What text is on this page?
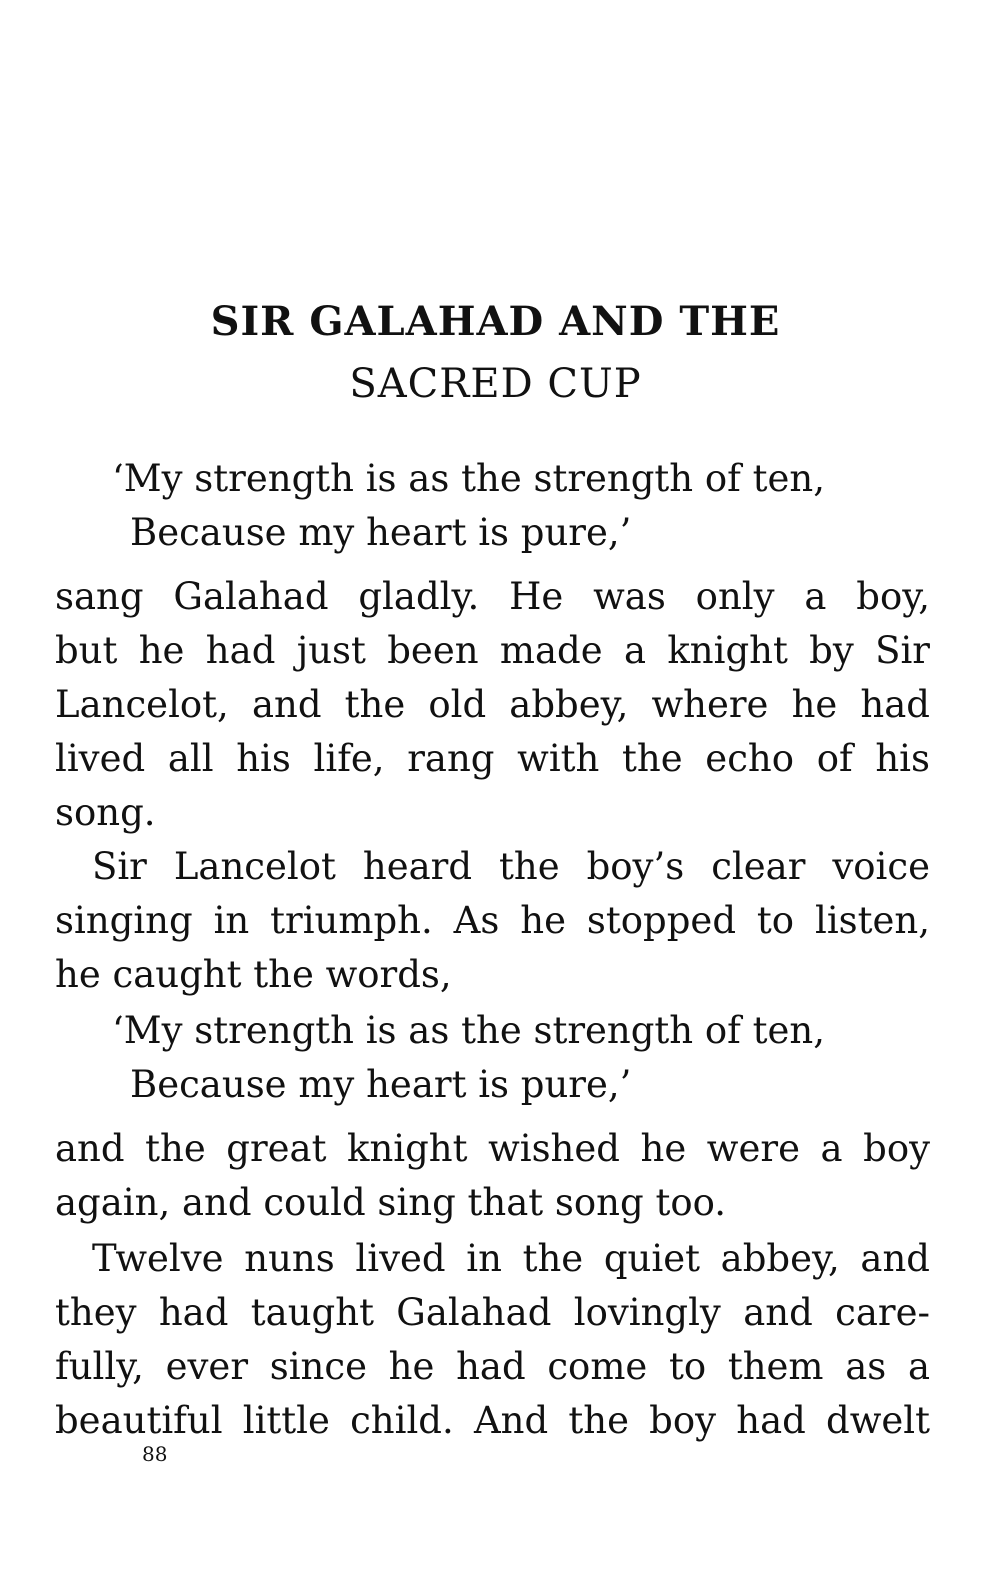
SIR GALAHAD AND THE
SACRED CUP
‘My strength is as the strength of ten,
Because my heart is pure,’
sang Galahad gladly. He was only a boy,
but he had just been made a knight by Sir
Lancelot, and the old abbey, where he had
lived all his life, rang with the echo of his
song.
Sir Lancelot heard the boy’s clear voice
singing in triumph. As he stopped to listen,
he caught the words,
‘My strength is as the strength of ten,
Because my heart is pure,’
and the great knight wished he were a boy
again, and could sing that song too.
Twelve nuns lived in the quiet abbey, and
they had taught Galahad lovingly and care-
fully, ever since he had come to them as a
beautiful little child. And the boy had dwelt
88
